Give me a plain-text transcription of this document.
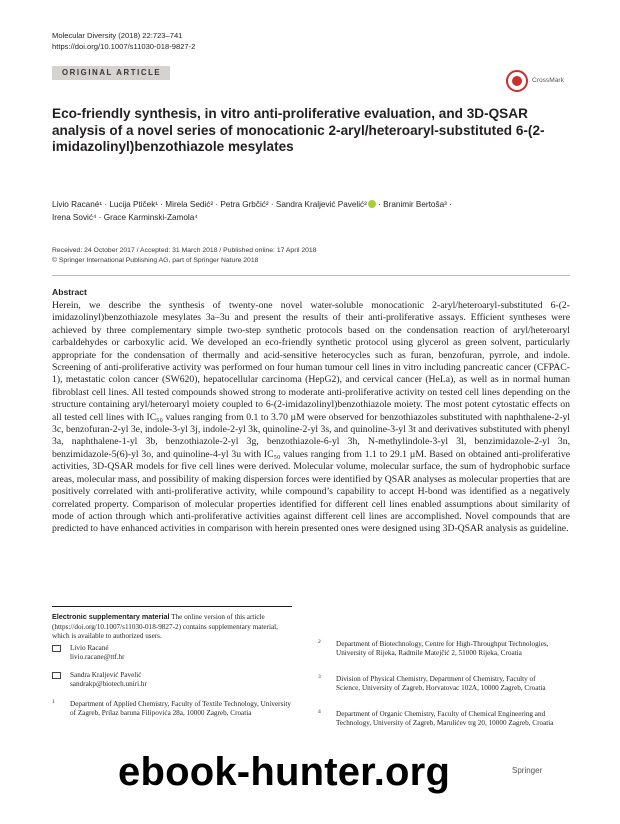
Molecular Diversity (2018) 22:723–741
https://doi.org/10.1007/s11030-018-9827-2
ORIGINAL ARTICLE
CrossMark
Eco-friendly synthesis, in vitro anti-proliferative evaluation, and 3D-QSAR analysis of a novel series of monocationic 2-aryl/heteroaryl-substituted 6-(2-imidazolinyl)benzothiazole mesylates
Livio Racané¹ · Lucija Ptiček¹ · Mirela Sedić² · Petra Grbčić² · Sandra Kraljević Pavelić² · Branimir Bertoša³ ·
Irena Sović⁴ · Grace Karminski-Zamola⁴
Received: 24 October 2017 / Accepted: 31 March 2018 / Published online: 17 April 2018
© Springer International Publishing AG, part of Springer Nature 2018
Abstract
Herein, we describe the synthesis of twenty-one novel water-soluble monocationic 2-aryl/heteroaryl-substituted 6-(2-imidazolinyl)benzothiazole mesylates 3a–3u and present the results of their anti-proliferative assays. Efficient syntheses were achieved by three complementary simple two-step synthetic protocols based on the condensation reaction of aryl/heteroaryl carbaldehydes or carboxylic acid. We developed an eco-friendly synthetic protocol using glycerol as green solvent, particularly appropriate for the condensation of thermally and acid-sensitive heterocycles such as furan, benzofuran, pyrrole, and indole. Screening of anti-proliferative activity was performed on four human tumour cell lines in vitro including pancreatic cancer (CFPAC-1), metastatic colon cancer (SW620), hepatocellular carcinoma (HepG2), and cervical cancer (HeLa), as well as in normal human fibroblast cell lines. All tested compounds showed strong to moderate anti-proliferative activity on tested cell lines depending on the structure containing aryl/heteroaryl moiety coupled to 6-(2-imidazolinyl)benzothiazole moiety. The most potent cytostatic effects on all tested cell lines with IC₅₀ values ranging from 0.1 to 3.70 µM were observed for benzothiazoles substituted with naphthalene-2-yl 3c, benzofuran-2-yl 3e, indole-3-yl 3j, indole-2-yl 3k, quinoline-2-yl 3s, and quinoline-3-yl 3t and derivatives substituted with phenyl 3a, naphthalene-1-yl 3b, benzothiazole-2-yl 3g, benzothiazole-6-yl 3h, N-methylindole-3-yl 3l, benzimidazole-2-yl 3n, benzimidazole-5(6)-yl 3o, and quinoline-4-yl 3u with IC₅₀ values ranging from 1.1 to 29.1 µM. Based on obtained anti-proliferative activities, 3D-QSAR models for five cell lines were derived. Molecular volume, molecular surface, the sum of hydrophobic surface areas, molecular mass, and possibility of making dispersion forces were identified by QSAR analyses as molecular properties that are positively correlated with anti-proliferative activity, while compound’s capability to accept H-bond was identified as a negatively correlated property. Comparison of molecular properties identified for different cell lines enabled assumptions about similarity of mode of action through which anti-proliferative activities against different cell lines are accomplished. Novel compounds that are predicted to have enhanced activities in comparison with herein presented ones were designed using 3D-QSAR analysis as guideline.
Electronic supplementary material The online version of this article (https://doi.org/10.1007/s11030-018-9827-2) contains supplementary material, which is available to authorized users.
Livio Racané
livio.racane@ttf.hr
Sandra Kraljević Pavelić
sandrakp@biotech.uniri.hr
1 Department of Applied Chemistry, Faculty of Textile Technology, University of Zagreb, Prilaz baruna Filipovića 28a, 10000 Zagreb, Croatia
2 Department of Biotechnology, Centre for High-Throughput Technologies, University of Rijeka, Radmile Matejčić 2, 51000 Rijeka, Croatia
3 Division of Physical Chemistry, Department of Chemistry, Faculty of Science, University of Zagreb, Horvatovac 102A, 10000 Zagreb, Croatia
4 Department of Organic Chemistry, Faculty of Chemical Engineering and Technology, University of Zagreb, Marulićev trg 20, 10000 Zagreb, Croatia
Springer
ebook-hunter.org
